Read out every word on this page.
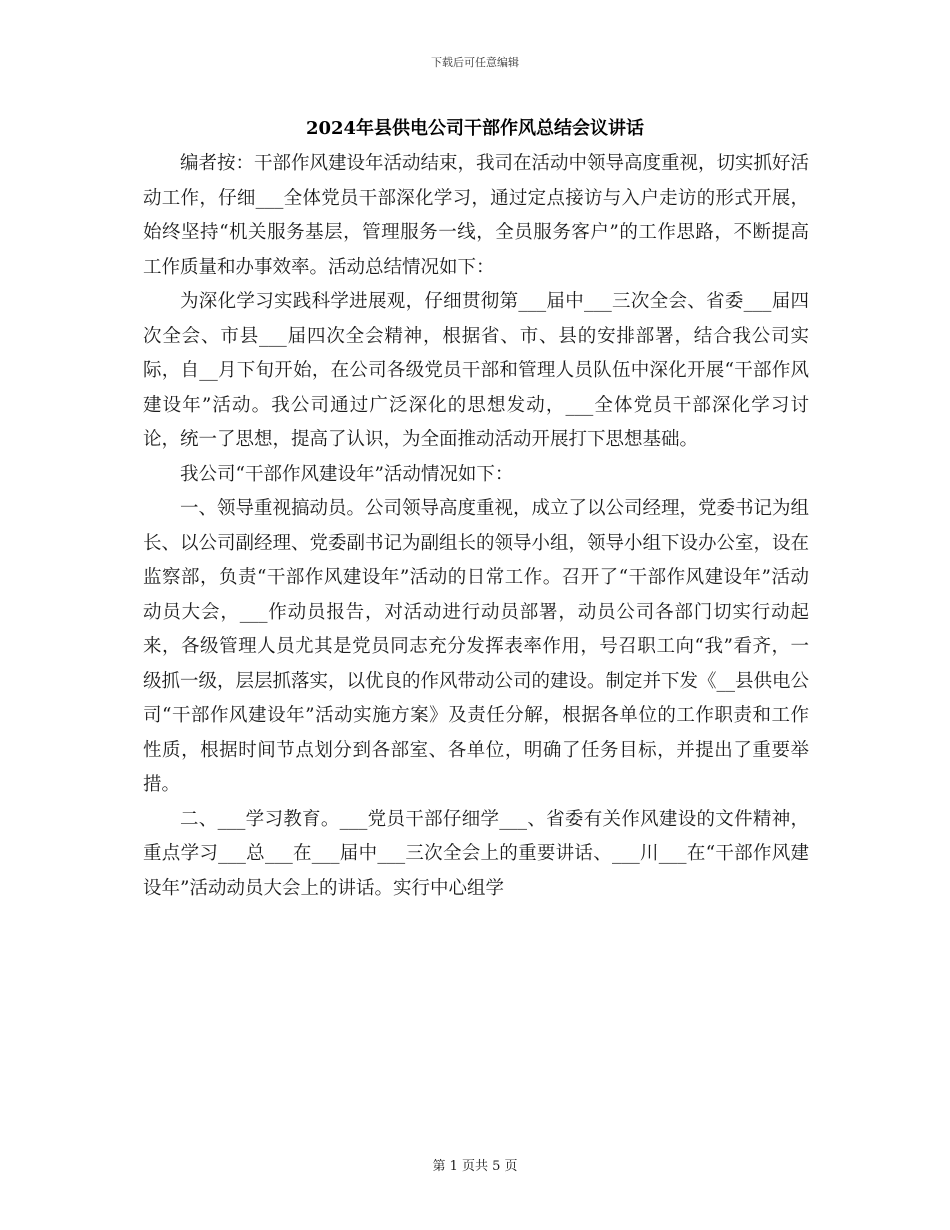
下载后可任意编辑
2024年县供电公司干部作风总结会议讲话

编者按：干部作风建设年活动结束，我司在活动中领导高度重视，切实抓好活动工作，仔细___全体党员干部深化学习，通过定点接访与入户走访的形式开展，始终坚持“机关服务基层，管理服务一线，全员服务客户”的工作思路，不断提高工作质量和办事效率。活动总结情况如下：

为深化学习实践科学进展观，仔细贯彻第___届中___三次全会、省委___届四次全会、市县___届四次全会精神，根据省、市、县的安排部署，结合我公司实际，自__月下旬开始，在公司各级党员干部和管理人员队伍中深化开展“干部作风建设年”活动。我公司通过广泛深化的思想发动，___全体党员干部深化学习讨论，统一了思想，提高了认识，为全面推动活动开展打下思想基础。

我公司“干部作风建设年”活动情况如下：

一、领导重视搞动员。公司领导高度重视，成立了以公司经理，党委书记为组长、以公司副经理、党委副书记为副组长的领导小组，领导小组下设办公室，设在监察部，负责“干部作风建设年”活动的日常工作。召开了“干部作风建设年”活动动员大会，___作动员报告，对活动进行动员部署，动员公司各部门切实行动起来，各级管理人员尤其是党员同志充分发挥表率作用，号召职工向“我”看齐，一级抓一级，层层抓落实，以优良的作风带动公司的建设。制定并下发《__县供电公司“干部作风建设年”活动实施方案》及责任分解，根据各单位的工作职责和工作性质，根据时间节点划分到各部室、各单位，明确了任务目标，并提出了重要举措。

二、___学习教育。___党员干部仔细学___、省委有关作风建设的文件精神，重点学习___总___在___届中___三次全会上的重要讲话、___川___在“干部作风建设年”活动动员大会上的讲话。实行中心组学

第 1 页共 5 页
